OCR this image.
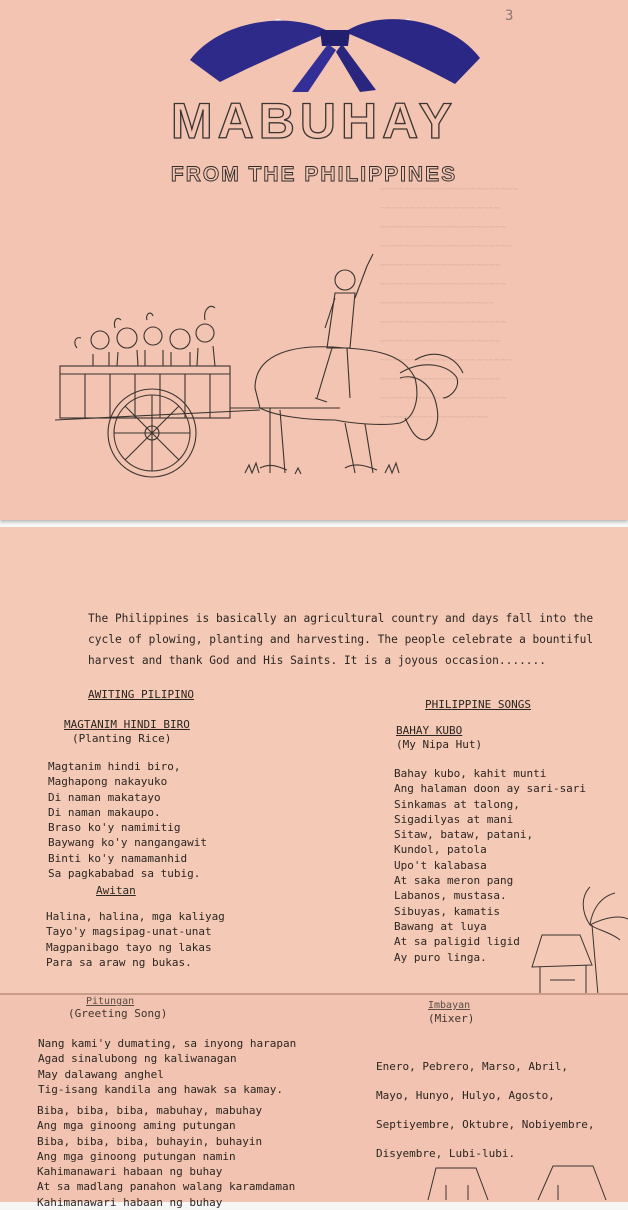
3
MABUHAY
FROM THE PHILIPPINES
~~~~~~~~~~~~~~~~~~~~~~~
~~~~~~~~~~~~~~~~~~~~
~~~~~~~~~~~~~~~~~~~~~
~~~~~~~~~~~~~~~~~~~~~~
~~~~~~~~~~~~~~~~~~~~
~~~~~~~~~~~~~~~~~~~~~
~~~~~~~~~~~~~~~~~~~
~~~~~~~~~~~~~~~~~~~~~
~~~~~~~~~~~~~~~~~~~~
~~~~~~~~~~~~~~~~~~~~~~
~~~~~~~~~~~~~~~~~~~~
~~~~~~~~~~~~~~~~~~~~~
~~~~~~~~~~~~~~~~~~
The Philippines is basically an agricultural country and days fall into the cycle of plowing, planting and harvesting. The people celebrate a bountiful harvest and thank God and His Saints. It is a joyous occasion.......
AWITING PILIPINO
MAGTANIM HINDI BIRO
(Planting Rice)
Magtanim hindi biro,
Maghapong nakayuko
Di naman makatayo
Di naman makaupo.
Braso ko'y namimitig
Baywang ko'y nangangawit
Binti ko'y namamanhid
Sa pagkababad sa tubig.
Awitan
Halina, halina, mga kaliyag
Tayo'y magsipag-unat-unat
Magpanibago tayo ng lakas
Para sa araw ng bukas.
PHILIPPINE SONGS
BAHAY KUBO
(My Nipa Hut)
Bahay kubo, kahit munti
Ang halaman doon ay sari-sari
Sinkamas at talong,
Sigadilyas at mani
Sitaw, bataw, patani,
Kundol, patola
Upo't kalabasa
At saka meron pang
Labanos, mustasa.
Sibuyas, kamatis
Bawang at luya
At sa paligid ligid
Ay puro linga.
Pitungan
(Greeting Song)
Nang kami'y dumating, sa inyong harapan
Agad sinalubong ng kaliwanagan
May dalawang anghel
Tig-isang kandila ang hawak sa kamay.
Biba, biba, biba, mabuhay, mabuhay
Ang mga ginoong aming putungan
Biba, biba, biba, buhayin, buhayin
Ang mga ginoong putungan namin
Kahimanawari habaan ng buhay
At sa madlang panahon walang karamdaman
Kahimanawari habaan ng buhay
Imbayan
(Mixer)
Enero, Pebrero, Marso, Abril,
Mayo, Hunyo, Hulyo, Agosto,
Septiyembre, Oktubre, Nobiyembre,
Disyembre, Lubi-lubi.
